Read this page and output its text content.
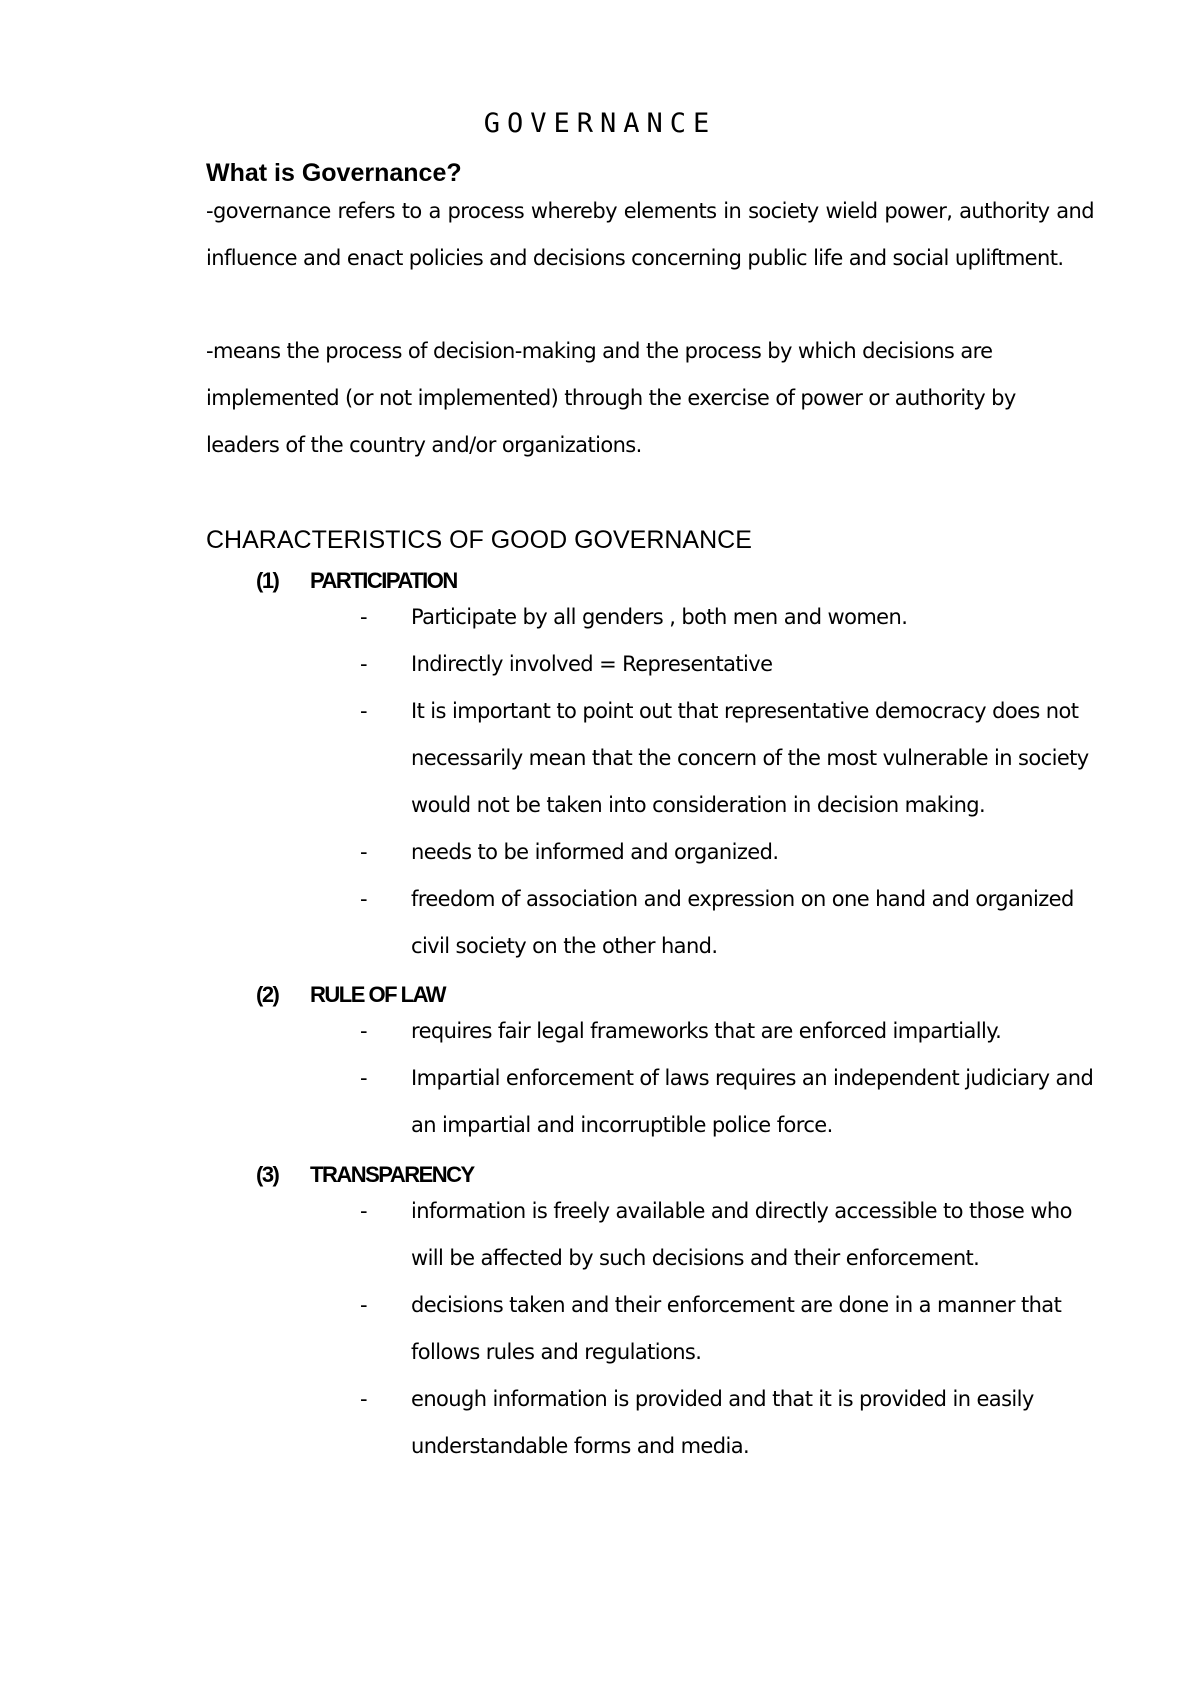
GOVERNANCE
What is Governance?
-governance refers to a process whereby elements in society wield power, authority and influence and enact policies and decisions concerning public life and social upliftment.
-means the process of decision-making and the process by which decisions are implemented (or not implemented) through the exercise of power or authority by leaders of the country and/or organizations.
CHARACTERISTICS OF GOOD GOVERNANCE
(1) PARTICIPATION
- Participate by all genders , both men and women.
- Indirectly involved = Representative
- It is important to point out that representative democracy does not necessarily mean that the concern of the most vulnerable in society would not be taken into consideration in decision making.
- needs to be informed and organized.
- freedom of association and expression on one hand and organized civil society on the other hand.
(2) RULE OF LAW
- requires fair legal frameworks that are enforced impartially.
- Impartial enforcement of laws requires an independent judiciary and an impartial and incorruptible police force.
(3) TRANSPARENCY
- information is freely available and directly accessible to those who will be affected by such decisions and their enforcement.
- decisions taken and their enforcement are done in a manner that follows rules and regulations.
- enough information is provided and that it is provided in easily understandable forms and media.
